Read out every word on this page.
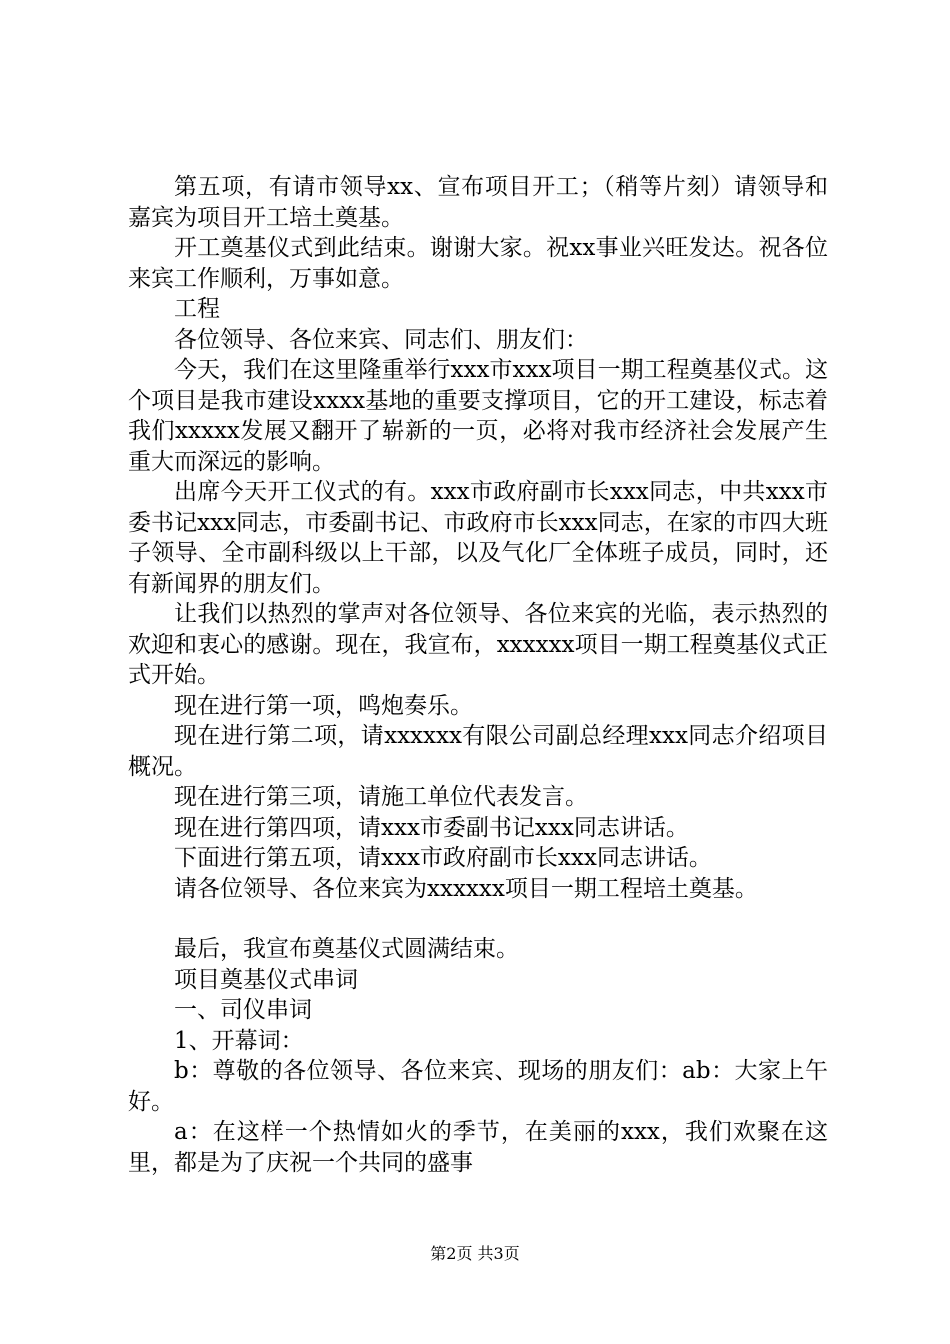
第五项，有请市领导xx、宣布项目开工；（稍等片刻）请领导和嘉宾为项目开工培土奠基。

开工奠基仪式到此结束。谢谢大家。祝xx事业兴旺发达。祝各位来宾工作顺利，万事如意。

工程

各位领导、各位来宾、同志们、朋友们：

今天，我们在这里隆重举行xxx市xxx项目一期工程奠基仪式。这个项目是我市建设xxxx基地的重要支撑项目，它的开工建设，标志着我们xxxxx发展又翻开了崭新的一页，必将对我市经济社会发展产生重大而深远的影响。

出席今天开工仪式的有。xxx市政府副市长xxx同志，中共xxx市委书记xxx同志，市委副书记、市政府市长xxx同志，在家的市四大班子领导、全市副科级以上干部，以及气化厂全体班子成员，同时，还有新闻界的朋友们。

让我们以热烈的掌声对各位领导、各位来宾的光临，表示热烈的欢迎和衷心的感谢。现在，我宣布，xxxxxx项目一期工程奠基仪式正式开始。

现在进行第一项，鸣炮奏乐。

现在进行第二项，请xxxxxx有限公司副总经理xxx同志介绍项目概况。

现在进行第三项，请施工单位代表发言。

现在进行第四项，请xxx市委副书记xxx同志讲话。

下面进行第五项，请xxx市政府副市长xxx同志讲话。

请各位领导、各位来宾为xxxxxx项目一期工程培土奠基。

最后，我宣布奠基仪式圆满结束。

项目奠基仪式串词

一、司仪串词

1、开幕词：

b：尊敬的各位领导、各位来宾、现场的朋友们：ab：大家上午好。

a：在这样一个热情如火的季节，在美丽的xxx，我们欢聚在这里，都是为了庆祝一个共同的盛事

第2页 共3页
